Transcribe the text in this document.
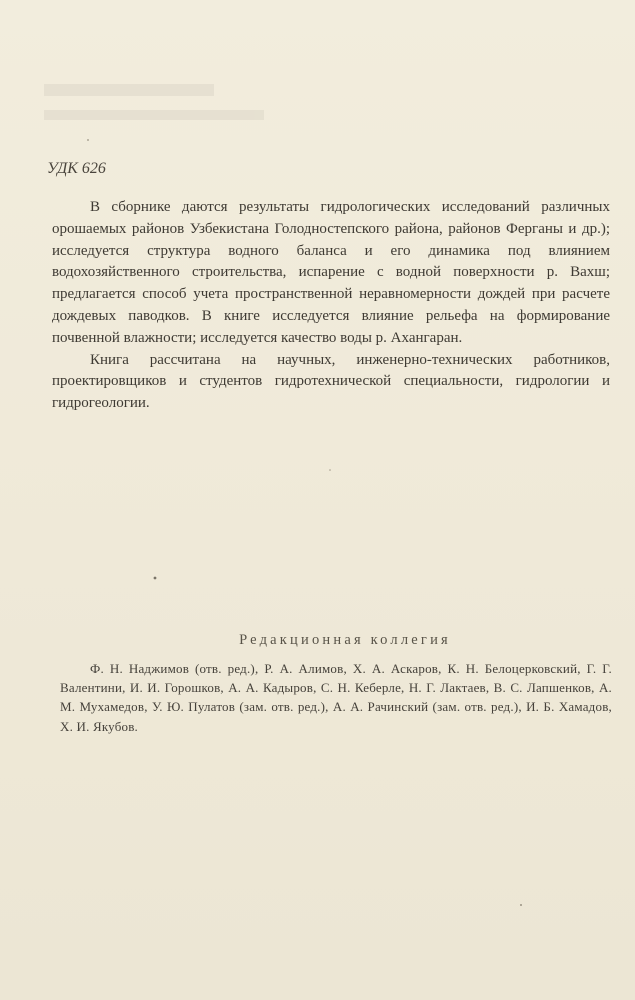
УДК 626

В сборнике даются результаты гидрологических исследований различных орошаемых районов Узбекистана Голодностепского района, районов Ферганы и др.); исследуется структура водного баланса и его динамика под влиянием водохозяйственного строительства, испарение с водной поверхности р. Вахш; предлагается способ учета пространственной неравномерности дождей при расчете дождевых паводков. В книге исследуется влияние рельефа на формирование почвенной влажности; исследуется качество воды р. Ахангаран.

Книга рассчитана на научных, инженерно-технических работников, проектировщиков и студентов гидротехнической специальности, гидрологии и гидрогеологии.

Редакционная коллегия
Ф. Н. Наджимов (отв. ред.), Р. А. Алимов, Х. А. Аскаров, К. Н. Белоцерковский, Г. Г. Валентини, И. И. Горошков, А. А. Кадыров, С. Н. Кеберле, Н. Г. Лактаев, В. С. Лапшенков, А. М. Мухамедов, У. Ю. Пулатов (зам. отв. ред.), А. А. Рачинский (зам. отв. ред.), И. Б. Хамадов, Х. И. Якубов.
